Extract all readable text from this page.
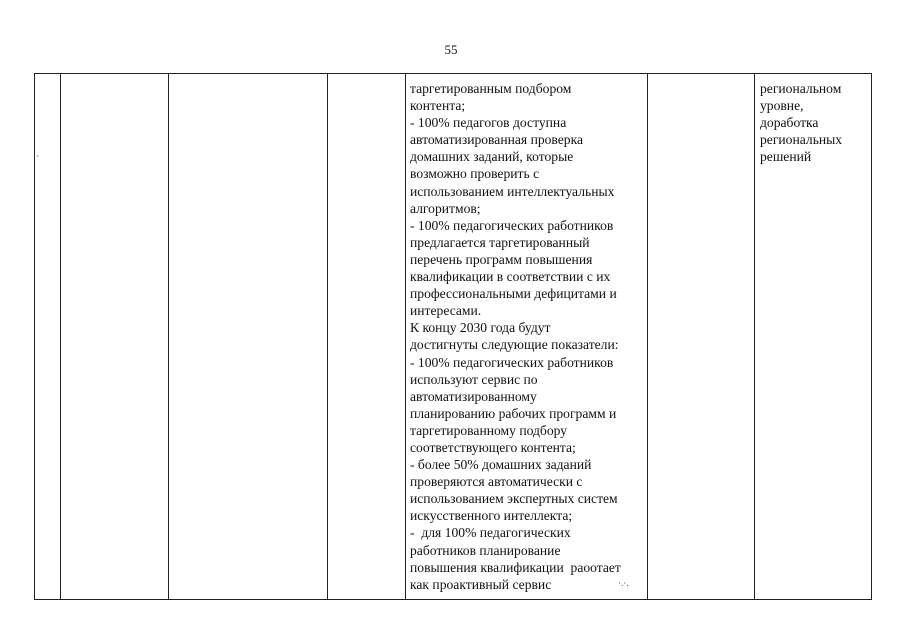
55
таргетированным подбором
контента;
- 100% педагогов доступна
автоматизированная проверка
домашних заданий, которые
возможно проверить с
использованием интеллектуальных
алгоритмов;
- 100% педагогических работников
предлагается таргетированный
перечень программ повышения
квалификации в соответствии с их
профессиональными дефицитами и
интересами.
К концу 2030 года будут
достигнуты следующие показатели:
- 100% педагогических работников
используют сервис по
автоматизированному
планированию рабочих программ и
таргетированному подбору
соответствующего контента;
- более 50% домашних заданий
проверяются автоматически с
использованием экспертных систем
искусственного интеллекта;
-  для 100% педагогических
работников планирование
повышения квалификации  раоотает
как проактивный сервис
региональном
уровне,
доработка
региональных
решений
ˊ
·.·.
